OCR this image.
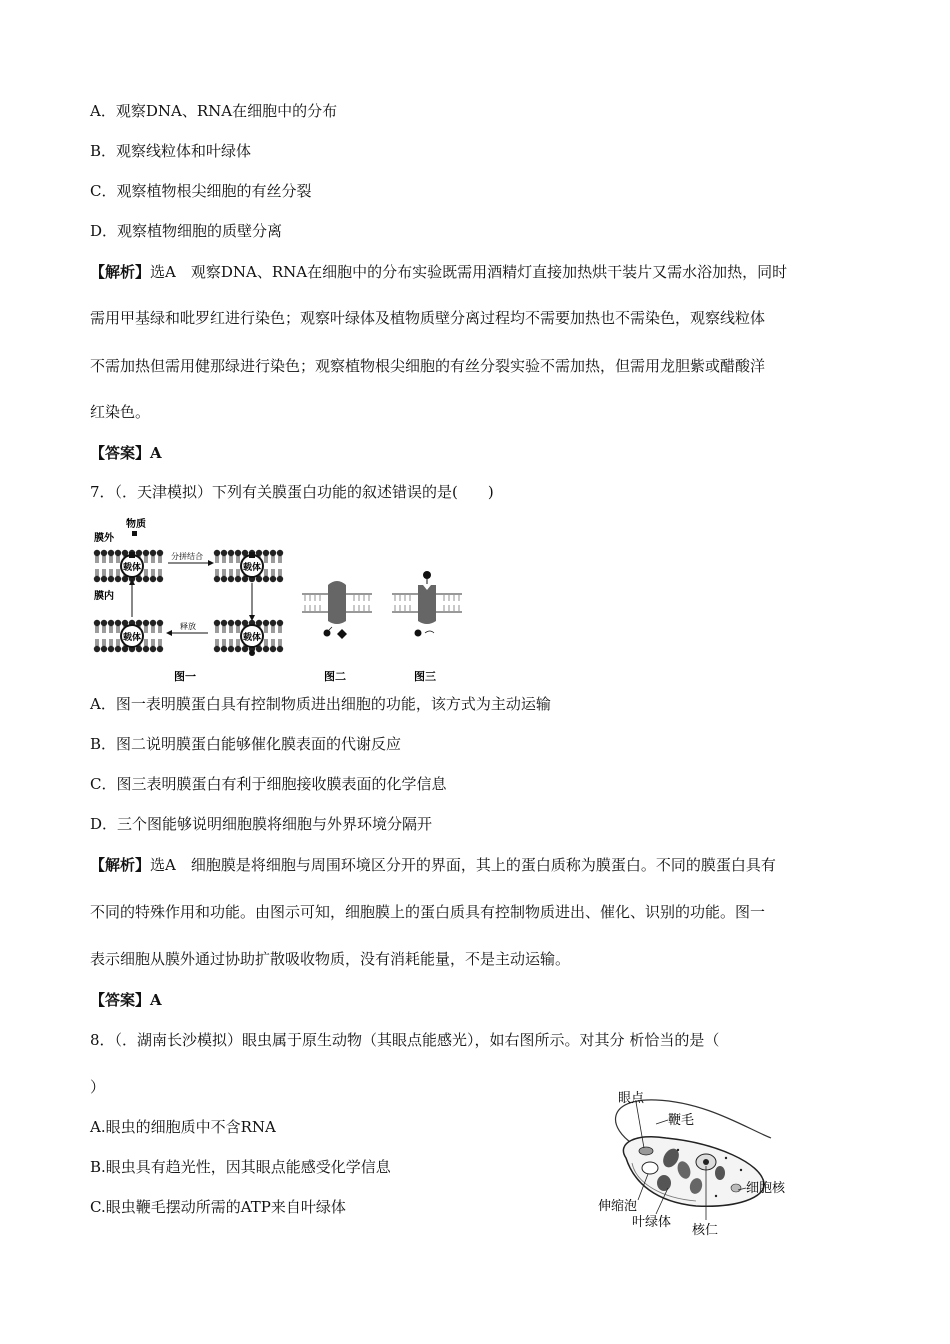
A．观察DNA、RNA在细胞中的分布
B．观察线粒体和叶绿体
C．观察植物根尖细胞的有丝分裂
D．观察植物细胞的质壁分离
【解析】选A　观察DNA、RNA在细胞中的分布实验既需用酒精灯直接加热烘干装片又需水浴加热，同时
需用甲基绿和吡罗红进行染色；观察叶绿体及植物质壁分离过程均不需要加热也不需染色，观察线粒体
不需加热但需用健那绿进行染色；观察植物根尖细胞的有丝分裂实验不需加热，但需用龙胆紫或醋酸洋
红染色。
【答案】A
7．（．天津模拟）下列有关膜蛋白功能的叙述错误的是(　　)
物质
膜外
膜内
载体
分拼结合
载体
载体
释放
载体
图一	图二	图三
A．图一表明膜蛋白具有控制物质进出细胞的功能，该方式为主动运输
B．图二说明膜蛋白能够催化膜表面的代谢反应
C．图三表明膜蛋白有利于细胞接收膜表面的化学信息
D．三个图能够说明细胞膜将细胞与外界环境分隔开
【解析】选A　细胞膜是将细胞与周围环境区分开的界面，其上的蛋白质称为膜蛋白。不同的膜蛋白具有
不同的特殊作用和功能。由图示可知，细胞膜上的蛋白质具有控制物质进出、催化、识别的功能。图一
表示细胞从膜外通过协助扩散吸收物质，没有消耗能量，不是主动运输。
【答案】A
8．（．湖南长沙模拟）眼虫属于原生动物（其眼点能感光），如右图所示。对其分 析恰当的是（
）
A.眼虫的细胞质中不含RNA
B.眼虫具有趋光性，因其眼点能感受化学信息
C.眼虫鞭毛摆动所需的ATP来自叶绿体
眼点
鞭毛
细胞核
伸缩泡
叶绿体
核仁
